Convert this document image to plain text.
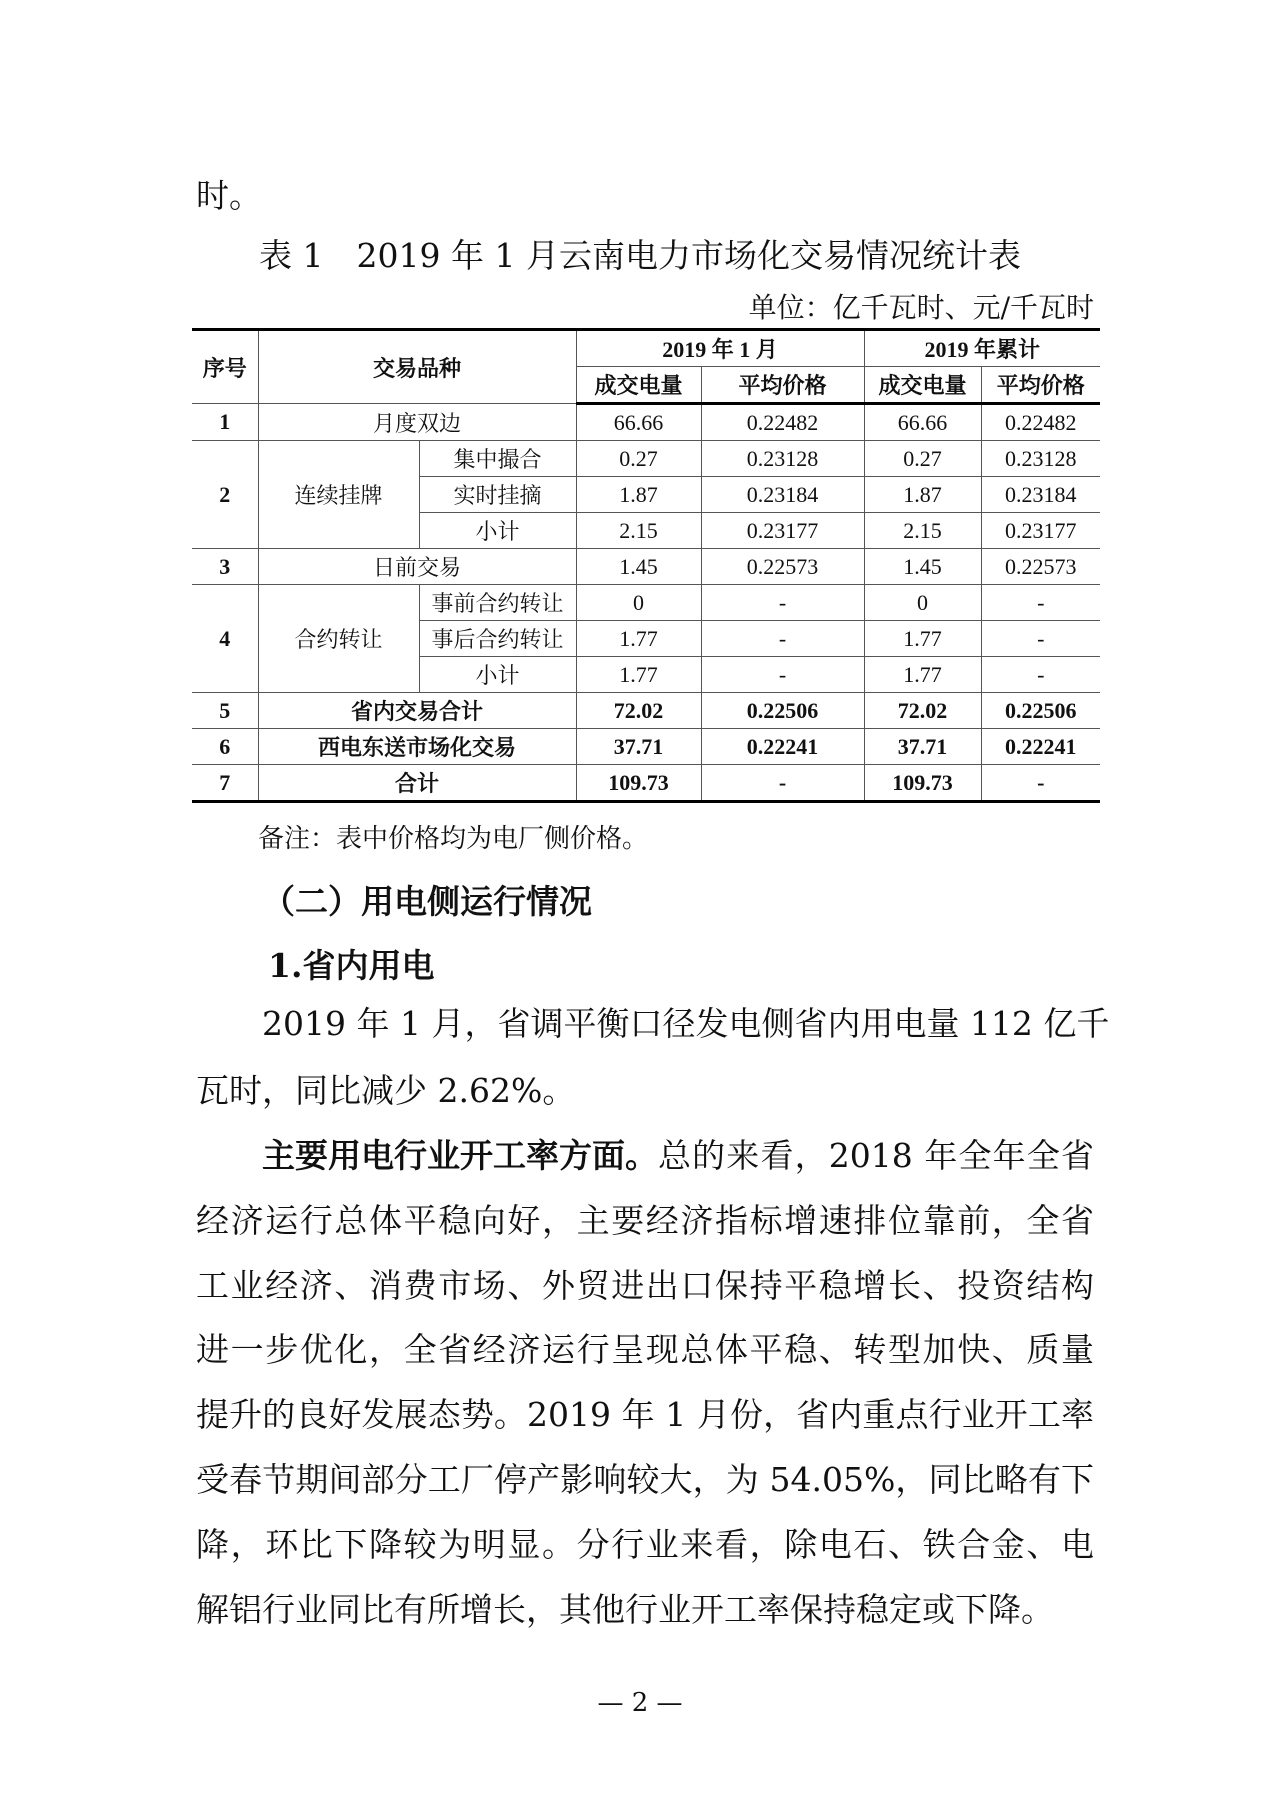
时。
表 1　2019 年 1 月云南电力市场化交易情况统计表
单位：亿千瓦时、元/千瓦时
序号	交易品种		2019 年 1 月		2019 年累计	
			成交电量	平均价格	成交电量	平均价格
1	月度双边		66.66	0.22482	66.66	0.22482
2	连续挂牌	集中撮合	0.27	0.23128	0.27	0.23128
		实时挂摘	1.87	0.23184	1.87	0.23184
		小计	2.15	0.23177	2.15	0.23177
3	日前交易		1.45	0.22573	1.45	0.22573
4	合约转让	事前合约转让	0	-	0	-
		事后合约转让	1.77	-	1.77	-
		小计	1.77	-	1.77	-
5	省内交易合计		72.02	0.22506	72.02	0.22506
6	西电东送市场化交易		37.71	0.22241	37.71	0.22241
7	合计		109.73	-	109.73	-
备注：表中价格均为电厂侧价格。
（二）用电侧运行情况
1.省内用电
2019 年 1 月，省调平衡口径发电侧省内用电量 112 亿千
瓦时，同比减少 2.62%。
主要用电行业开工率方面。 总的来看，2018 年全年全省
经济运行总体平稳向好，主要经济指标增速排位靠前，全省
工业经济、消费市场、外贸进出口保持平稳增长、投资结构
进一步优化，全省经济运行呈现总体平稳、转型加快、质量
提升的良好发展态势。2019 年 1 月份，省内重点行业开工率
受春节期间部分工厂停产影响较大，为 54.05%，同比略有下
降，环比下降较为明显。分行业来看，除电石、铁合金、电
解铝行业同比有所增长，其他行业开工率保持稳定或下降。
— 2 —
